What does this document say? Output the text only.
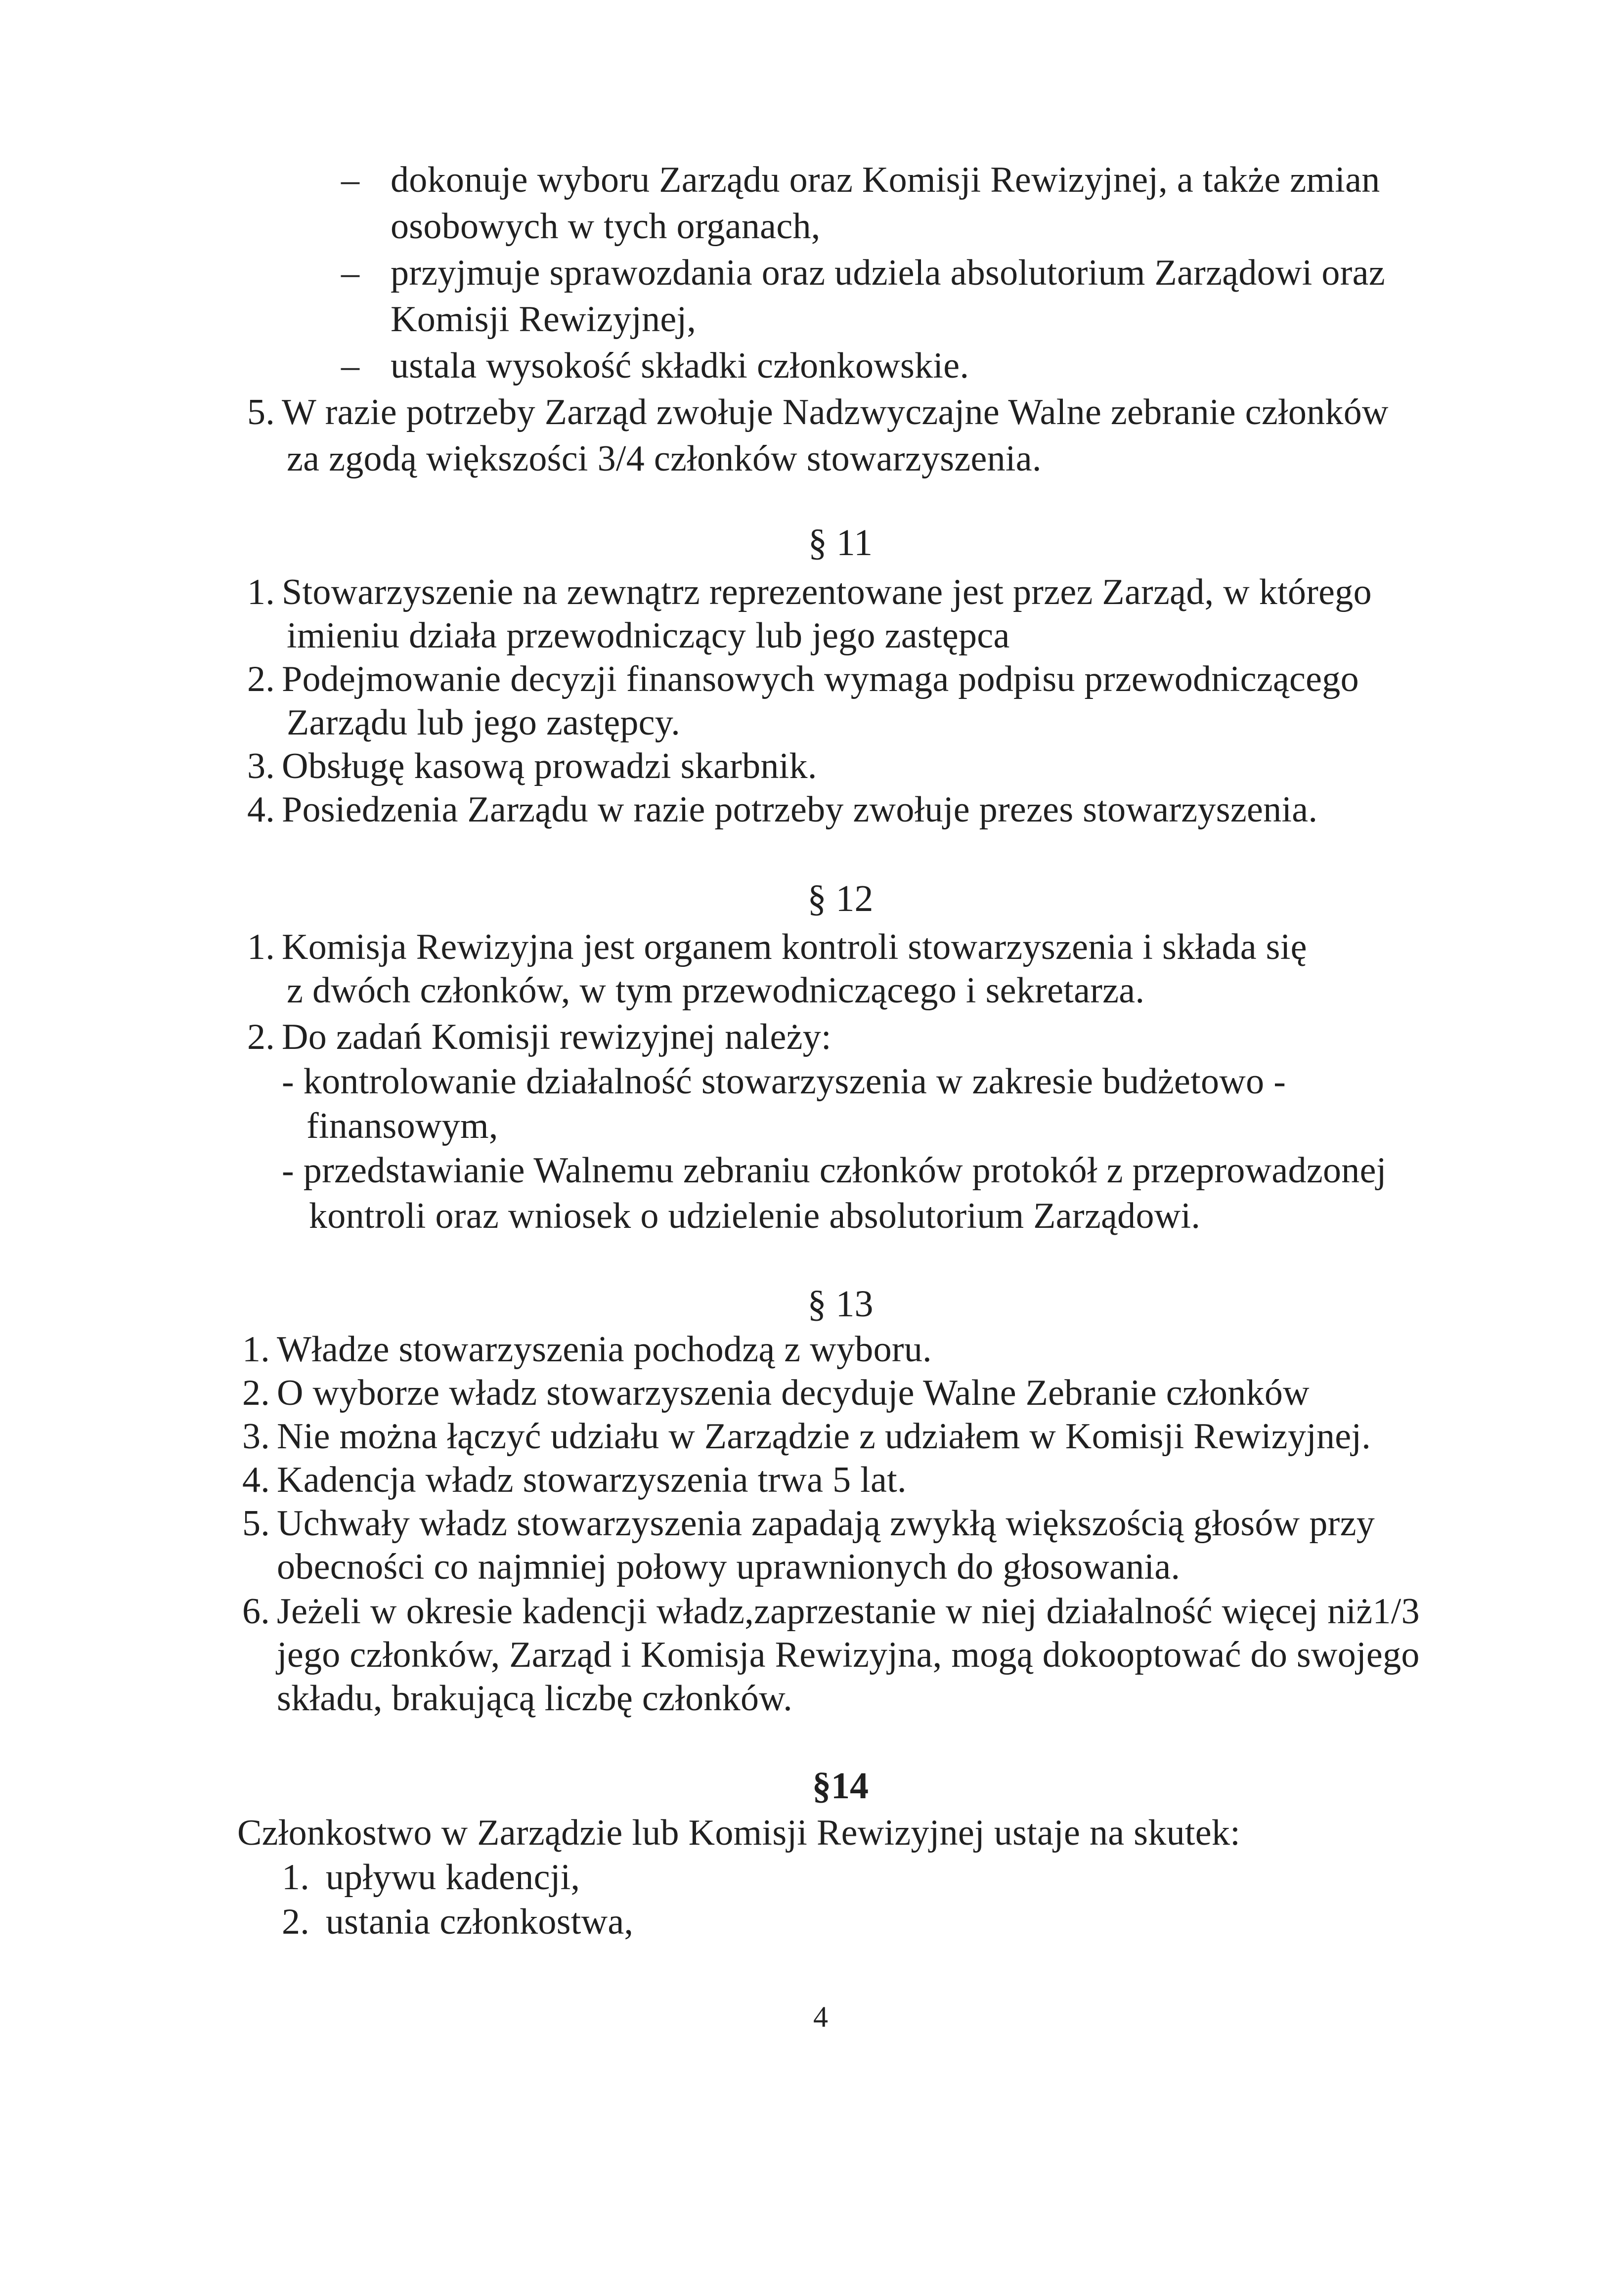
– dokonuje wyboru Zarządu oraz Komisji Rewizyjnej, a także zmian
osobowych w tych organach,
– przyjmuje sprawozdania oraz udziela absolutorium Zarządowi oraz
Komisji Rewizyjnej,
– ustala wysokość składki członkowskie.
5. W razie potrzeby Zarząd zwołuje Nadzwyczajne Walne zebranie członków
za zgodą większości 3/4 członków stowarzyszenia.
§ 11
1. Stowarzyszenie na zewnątrz reprezentowane jest przez Zarząd, w którego
imieniu działa przewodniczący lub jego zastępca
2. Podejmowanie decyzji finansowych wymaga podpisu przewodniczącego
Zarządu lub jego zastępcy.
3. Obsługę kasową prowadzi skarbnik.
4. Posiedzenia Zarządu w razie potrzeby zwołuje prezes stowarzyszenia.
§ 12
1. Komisja Rewizyjna jest organem kontroli stowarzyszenia i składa się
z dwóch członków, w tym przewodniczącego i sekretarza.
2. Do zadań Komisji rewizyjnej należy:
- kontrolowanie działalność stowarzyszenia w zakresie budżetowo -
finansowym,
- przedstawianie Walnemu zebraniu członków protokół z przeprowadzonej
kontroli oraz wniosek o udzielenie absolutorium Zarządowi.
§ 13
1. Władze stowarzyszenia pochodzą z wyboru.
2. O wyborze władz stowarzyszenia decyduje Walne Zebranie członków
3. Nie można łączyć udziału w Zarządzie z udziałem w Komisji Rewizyjnej.
4. Kadencja władz stowarzyszenia trwa 5 lat.
5. Uchwały władz stowarzyszenia zapadają zwykłą większością głosów przy
obecności co najmniej połowy uprawnionych do głosowania.
6. Jeżeli w okresie kadencji władz,zaprzestanie w niej działalność więcej niż1/3
jego członków, Zarząd i Komisja Rewizyjna, mogą dokooptować do swojego
składu, brakującą liczbę członków.
§14
Członkostwo w Zarządzie lub Komisji Rewizyjnej ustaje na skutek:
1. upływu kadencji,
2. ustania członkostwa,
4
